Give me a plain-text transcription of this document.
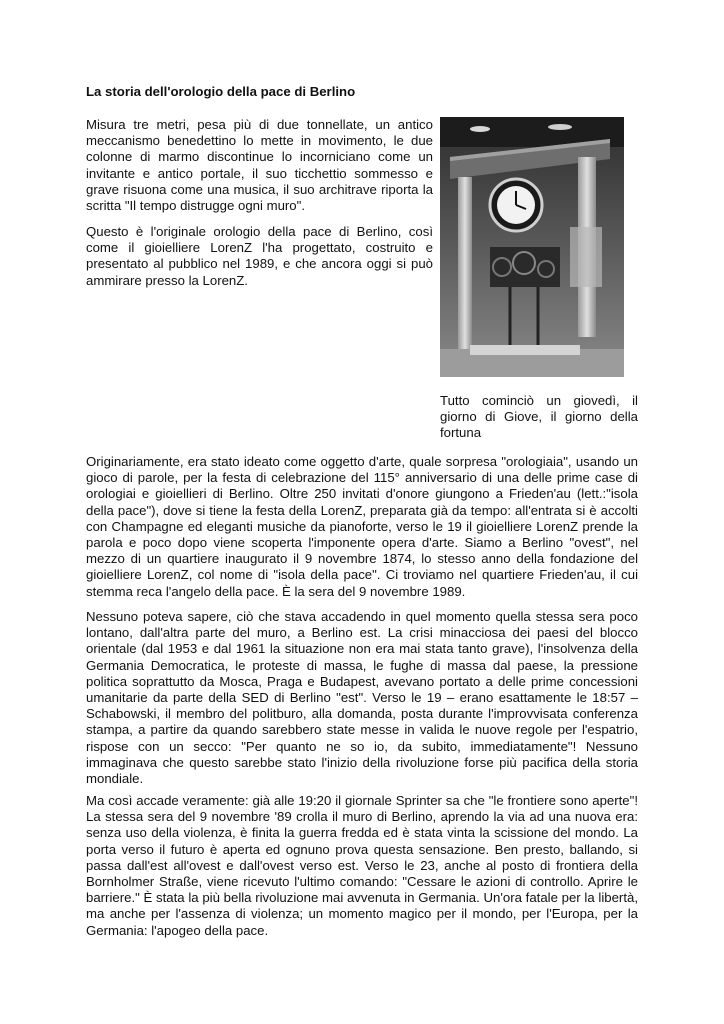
La storia dell'orologio della pace di Berlino

Misura tre metri, pesa più di due tonnellate, un antico meccanismo benedettino lo mette in movimento, le due colonne di marmo discontinue lo incorniciano come un invitante e antico portale, il suo ticchettio sommesso e grave risuona come una musica, il suo architrave riporta la scritta "Il tempo distrugge ogni muro".

Questo è l'originale orologio della pace di Berlino, così come il gioielliere LorenZ l'ha progettato, costruito e presentato al pubblico nel 1989, e che ancora oggi si può ammirare presso la LorenZ.

Tutto cominciò un giovedì, il giorno di Giove, il giorno della fortuna

Originariamente, era stato ideato come oggetto d'arte, quale sorpresa "orologiaia", usando un gioco di parole, per la festa di celebrazione del 115° anniversario di una delle prime case di orologiai e gioiellieri di Berlino. Oltre 250 invitati d'onore giungono a Frieden'au (lett.:"isola della pace"), dove si tiene la festa della LorenZ, preparata già da tempo: all'entrata si è accolti con Champagne ed eleganti musiche da pianoforte, verso le 19 il gioielliere LorenZ prende la parola e poco dopo viene scoperta l'imponente opera d'arte. Siamo a Berlino "ovest", nel mezzo di un quartiere inaugurato il 9 novembre 1874, lo stesso anno della fondazione del gioielliere LorenZ, col nome di "isola della pace". Ci troviamo nel quartiere Frieden'au, il cui stemma reca l'angelo della pace. È la sera del 9 novembre 1989.

Nessuno poteva sapere, ciò che stava accadendo in quel momento quella stessa sera poco lontano, dall'altra parte del muro, a Berlino est. La crisi minacciosa dei paesi del blocco orientale (dal 1953 e dal 1961 la situazione non era mai stata tanto grave), l'insolvenza della Germania Democratica, le proteste di massa, le fughe di massa dal paese, la pressione politica soprattutto da Mosca, Praga e Budapest, avevano portato a delle prime concessioni umanitarie da parte della SED di Berlino "est". Verso le 19 – erano esattamente le 18:57 – Schabowski, il membro del politburo, alla domanda, posta durante l'improvvisata conferenza stampa, a partire da quando sarebbero state messe in valida le nuove regole per l'espatrio, rispose con un secco: "Per quanto ne so io, da subito, immediatamente"! Nessuno immaginava che questo sarebbe stato l'inizio della rivoluzione forse più pacifica della storia mondiale.

Ma così accade veramente: già alle 19:20 il giornale Sprinter sa che "le frontiere sono aperte"! La stessa sera del 9 novembre '89 crolla il muro di Berlino, aprendo la via ad una nuova era: senza uso della violenza, è finita la guerra fredda ed è stata vinta la scissione del mondo. La porta verso il futuro è aperta ed ognuno prova questa sensazione. Ben presto, ballando, si passa dall'est all'ovest e dall'ovest verso est. Verso le 23, anche al posto di frontiera della Bornholmer Straße, viene ricevuto l'ultimo comando: "Cessare le azioni di controllo. Aprire le barriere." È stata la più bella rivoluzione mai avvenuta in Germania. Un'ora fatale per la libertà, ma anche per l'assenza di violenza; un momento magico per il mondo, per l'Europa, per la Germania: l'apogeo della pace.
